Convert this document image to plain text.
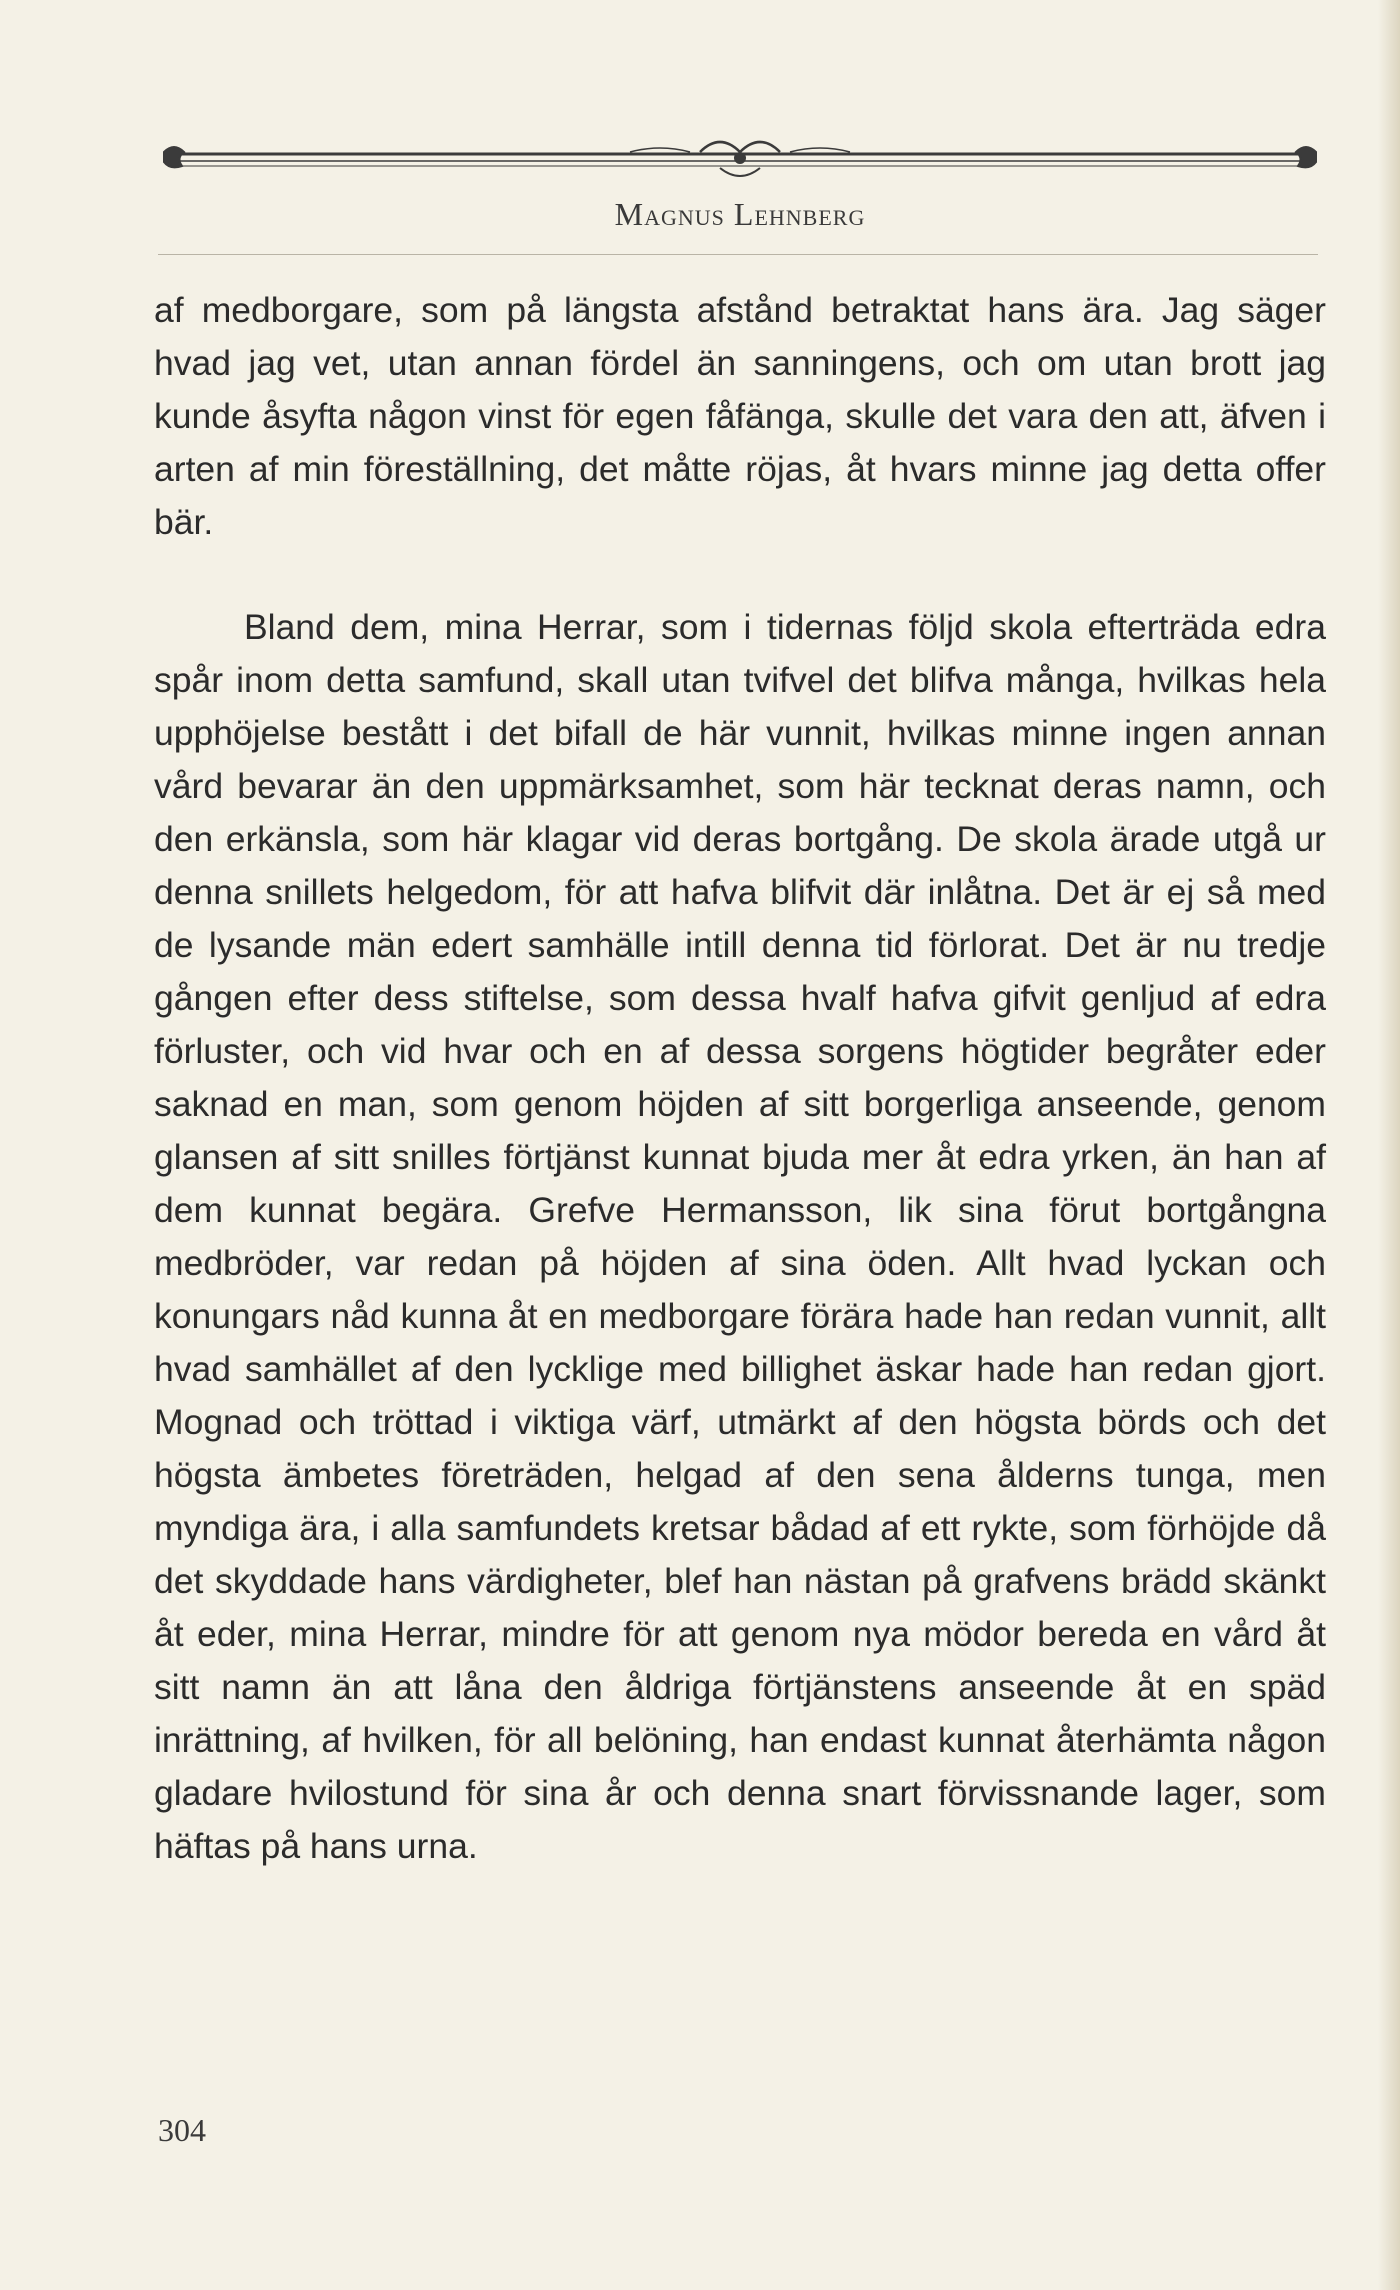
Magnus Lehnberg

af medborgare, som på längsta afstånd betraktat hans ära. Jag säger hvad jag vet, utan annan fördel än sanningens, och om utan brott jag kunde åsyfta någon vinst för egen fåfänga, skulle det vara den att, äfven i arten af min föreställning, det måtte röjas, åt hvars minne jag detta offer bär.

Bland dem, mina Herrar, som i tidernas följd skola efterträda edra spår inom detta samfund, skall utan tvifvel det blifva många, hvilkas hela upphöjelse bestått i det bifall de här vunnit, hvilkas minne ingen annan vård bevarar än den uppmärksamhet, som här tecknat deras namn, och den erkänsla, som här klagar vid deras bortgång. De skola ärade utgå ur denna snillets helgedom, för att hafva blifvit där inlåtna. Det är ej så med de lysande män edert samhälle intill denna tid förlorat. Det är nu tredje gången efter dess stiftelse, som dessa hvalf hafva gifvit genljud af edra förluster, och vid hvar och en af dessa sorgens högtider begråter eder saknad en man, som genom höjden af sitt borgerliga anseende, genom glansen af sitt snilles förtjänst kunnat bjuda mer åt edra yrken, än han af dem kunnat begära. Grefve Hermansson, lik sina förut bortgångna medbröder, var redan på höjden af sina öden. Allt hvad lyckan och konungars nåd kunna åt en medborgare förära hade han redan vunnit, allt hvad samhället af den lycklige med billighet äskar hade han redan gjort. Mognad och tröttad i viktiga värf, utmärkt af den högsta börds och det högsta ämbetes företräden, helgad af den sena ålderns tunga, men myndiga ära, i alla samfundets kretsar bådad af ett rykte, som förhöjde då det skyddade hans värdigheter, blef han nästan på grafvens brädd skänkt åt eder, mina Herrar, mindre för att genom nya mödor bereda en vård åt sitt namn än att låna den åldriga förtjänstens anseende åt en späd inrättning, af hvilken, för all belöning, han endast kunnat återhämta någon gladare hvilostund för sina år och denna snart förvissnande lager, som häftas på hans urna.

304
